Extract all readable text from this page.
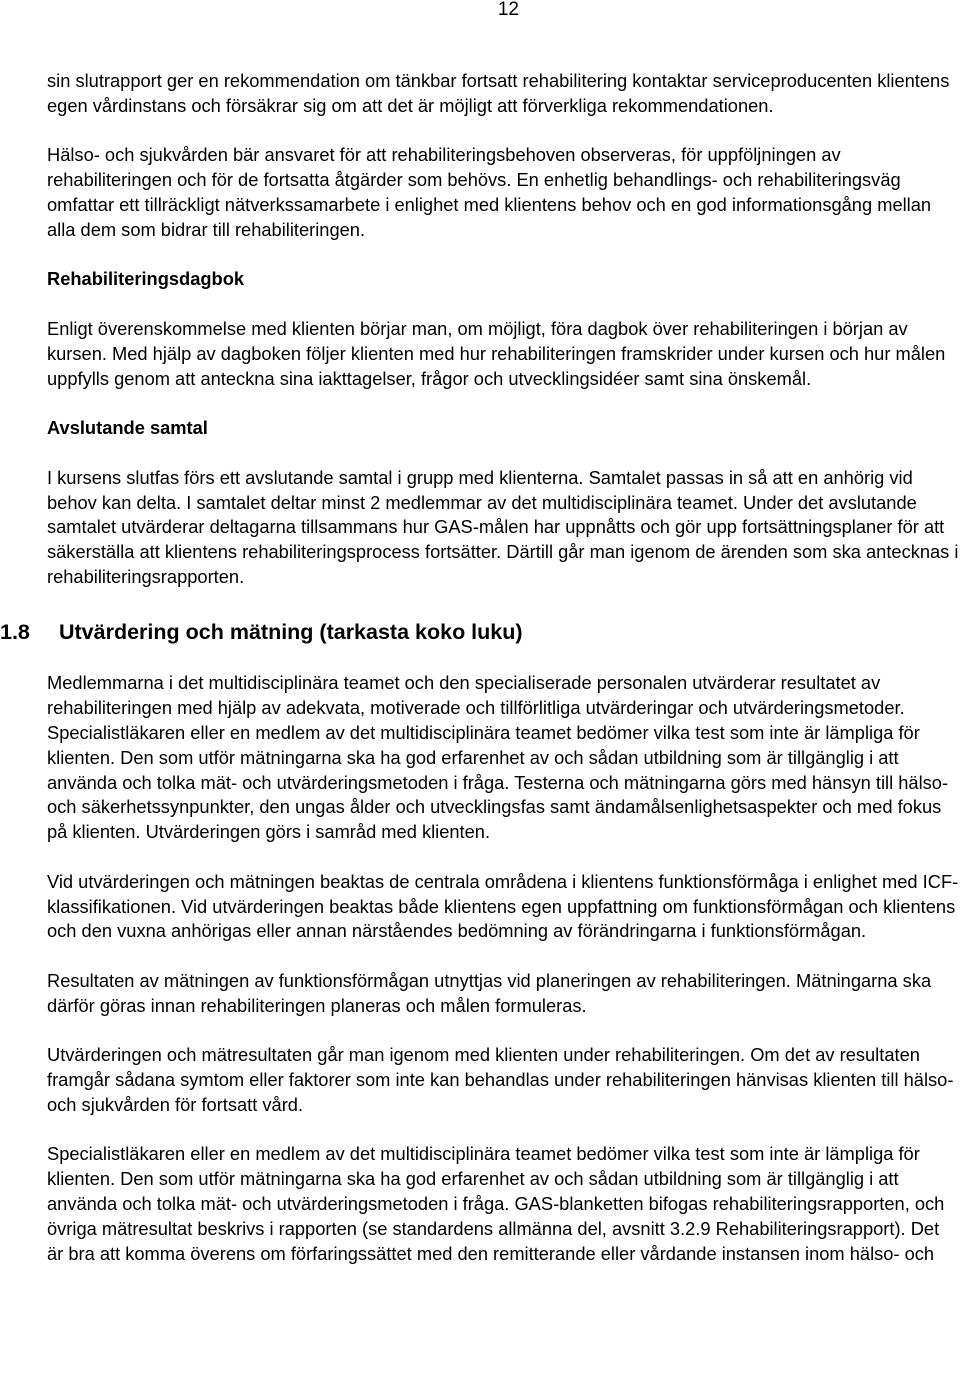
12

sin slutrapport ger en rekommendation om tänkbar fortsatt rehabilitering kontaktar serviceproducenten klientens egen vårdinstans och försäkrar sig om att det är möjligt att förverkliga rekommendationen.

Hälso- och sjukvården bär ansvaret för att rehabiliteringsbehoven observeras, för uppföljningen av rehabiliteringen och för de fortsatta åtgärder som behövs. En enhetlig behandlings- och rehabiliteringsväg omfattar ett tillräckligt nätverkssamarbete i enlighet med klientens behov och en god informationsgång mellan alla dem som bidrar till rehabiliteringen.

Rehabiliteringsdagbok

Enligt överenskommelse med klienten börjar man, om möjligt, föra dagbok över rehabiliteringen i början av kursen. Med hjälp av dagboken följer klienten med hur rehabiliteringen framskrider under kursen och hur målen uppfylls genom att anteckna sina iakttagelser, frågor och utvecklingsidéer samt sina önskemål.

Avslutande samtal

I kursens slutfas förs ett avslutande samtal i grupp med klienterna. Samtalet passas in så att en anhörig vid behov kan delta. I samtalet deltar minst 2 medlemmar av det multidisciplinära teamet. Under det avslutande samtalet utvärderar deltagarna tillsammans hur GAS-målen har uppnåtts och gör upp fortsättningsplaner för att säkerställa att klientens rehabiliteringsprocess fortsätter. Därtill går man igenom de ärenden som ska antecknas i rehabiliteringsrapporten.

1.8 Utvärdering och mätning (tarkasta koko luku)

Medlemmarna i det multidisciplinära teamet och den specialiserade personalen utvärderar resultatet av rehabiliteringen med hjälp av adekvata, motiverade och tillförlitliga utvärderingar och utvärderingsmetoder. Specialistläkaren eller en medlem av det multidisciplinära teamet bedömer vilka test som inte är lämpliga för klienten. Den som utför mätningarna ska ha god erfarenhet av och sådan utbildning som är tillgänglig i att använda och tolka mät- och utvärderingsmetoden i fråga. Testerna och mätningarna görs med hänsyn till hälso- och säkerhetssynpunkter, den ungas ålder och utvecklingsfas samt ändamålsenlighetsaspekter och med fokus på klienten. Utvärderingen görs i samråd med klienten.

Vid utvärderingen och mätningen beaktas de centrala områdena i klientens funktionsförmåga i enlighet med ICF-klassifikationen. Vid utvärderingen beaktas både klientens egen uppfattning om funktionsförmågan och klientens och den vuxna anhörigas eller annan närståendes bedömning av förändringarna i funktionsförmågan.

Resultaten av mätningen av funktionsförmågan utnyttjas vid planeringen av rehabiliteringen. Mätningarna ska därför göras innan rehabiliteringen planeras och målen formuleras.

Utvärderingen och mätresultaten går man igenom med klienten under rehabiliteringen. Om det av resultaten framgår sådana symtom eller faktorer som inte kan behandlas under rehabiliteringen hänvisas klienten till hälso- och sjukvården för fortsatt vård.

Specialistläkaren eller en medlem av det multidisciplinära teamet bedömer vilka test som inte är lämpliga för klienten. Den som utför mätningarna ska ha god erfarenhet av och sådan utbildning som är tillgänglig i att använda och tolka mät- och utvärderingsmetoden i fråga. GAS-blanketten bifogas rehabiliteringsrapporten, och övriga mätresultat beskrivs i rapporten (se standardens allmänna del, avsnitt 3.2.9 Rehabiliteringsrapport). Det är bra att komma överens om förfaringssättet med den remitterande eller vårdande instansen inom hälso- och
